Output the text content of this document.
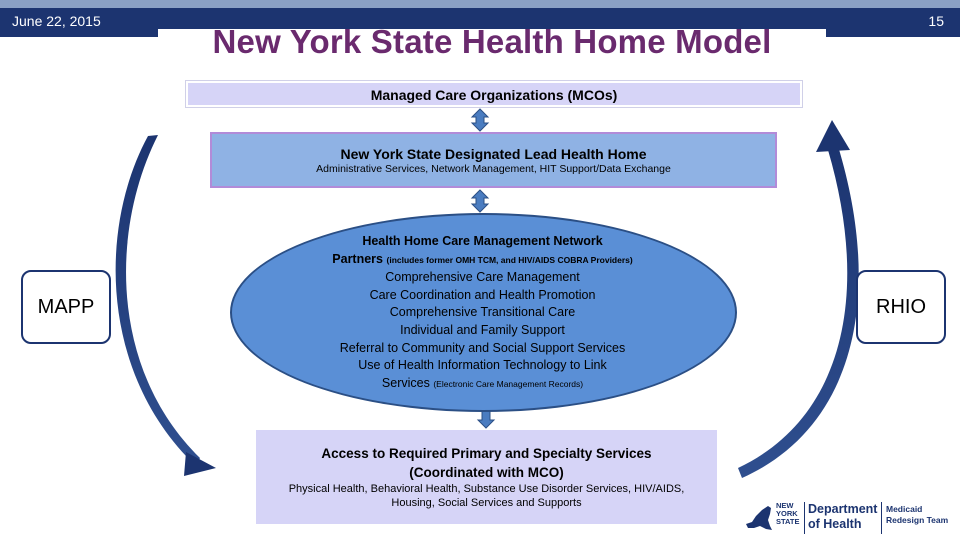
June 22, 2015	15
New York State Health Home Model
Managed Care Organizations (MCOs)
New York State Designated Lead Health Home
Administrative Services, Network Management, HIT Support/Data Exchange
Health Home Care Management Network
Partners (includes former OMH TCM, and HIV/AIDS COBRA Providers)
Comprehensive Care Management
Care Coordination and Health Promotion
Comprehensive Transitional Care
Individual and Family Support
Referral to Community and Social Support Services
Use of Health Information Technology to Link
Services (Electronic Care Management Records)
Access to Required Primary and Specialty Services
(Coordinated with MCO)
Physical Health, Behavioral Health, Substance Use Disorder Services, HIV/AIDS,
Housing, Social Services and Supports
MAPP	RHIO
NEW YORK STATE
Department
of Health
Medicaid
Redesign Team
